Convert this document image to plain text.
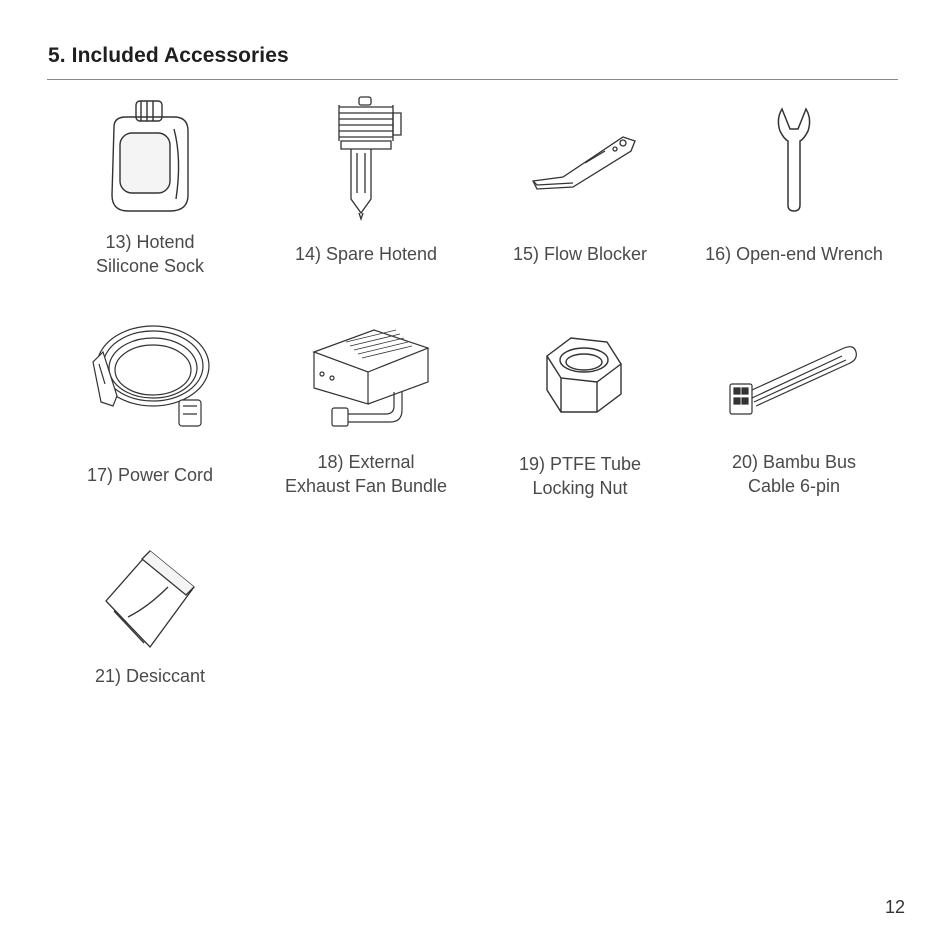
5. Included Accessories
13) Hotend
Silicone Sock
14) Spare Hotend	15) Flow Blocker	16) Open-end Wrench
17) Power Cord
18) External
Exhaust Fan Bundle
19) PTFE Tube
Locking Nut
20) Bambu Bus
Cable 6-pin
21) Desiccant
12
